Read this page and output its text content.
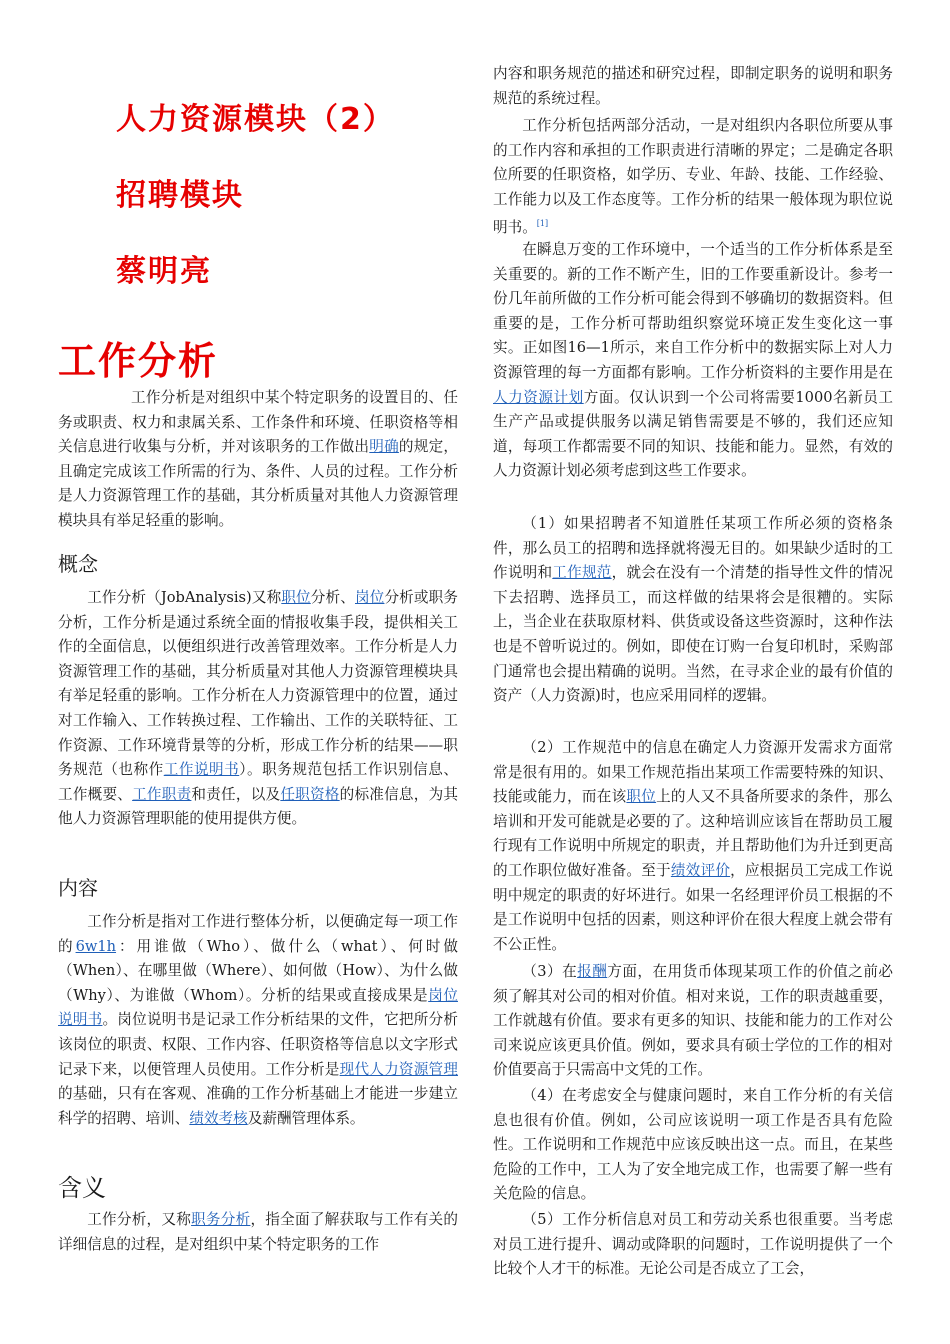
人力资源模块（2）
招聘模块
蔡明亮
工作分析
工作分析是对组织中某个特定职务的设置目的、任务或职责、权力和隶属关系、工作条件和环境、任职资格等相关信息进行收集与分析，并对该职务的工作做出明确的规定，且确定完成该工作所需的行为、条件、人员的过程。工作分析是人力资源管理工作的基础，其分析质量对其他人力资源管理模块具有举足轻重的影响。
概念
工作分析（JobAnalysis)又称职位分析、岗位分析或职务分析，工作分析是通过系统全面的情报收集手段，提供相关工作的全面信息，以便组织进行改善管理效率。工作分析是人力资源管理工作的基础，其分析质量对其他人力资源管理模块具有举足轻重的影响。工作分析在人力资源管理中的位置，通过对工作输入、工作转换过程、工作输出、工作的关联特征、工作资源、工作环境背景等的分析，形成工作分析的结果——职务规范（也称作工作说明书）。职务规范包括工作识别信息、工作概要、工作职责和责任，以及任职资格的标准信息，为其他人力资源管理职能的使用提供方便。
内容
工作分析是指对工作进行整体分析，以便确定每一项工作的6w1h：用谁做（Who）、做什么（what）、何时做（When）、在哪里做（Where）、如何做（How）、为什么做（Why）、为谁做（Whom）。分析的结果或直接成果是岗位说明书。岗位说明书是记录工作分析结果的文件，它把所分析该岗位的职责、权限、工作内容、任职资格等信息以文字形式记录下来，以便管理人员使用。工作分析是现代人力资源管理的基础，只有在客观、准确的工作分析基础上才能进一步建立科学的招聘、培训、绩效考核及薪酬管理体系。
含义
工作分析，又称职务分析，指全面了解获取与工作有关的详细信息的过程，是对组织中某个特定职务的工作
内容和职务规范的描述和研究过程，即制定职务的说明和职务规范的系统过程。
工作分析包括两部分活动，一是对组织内各职位所要从事的工作内容和承担的工作职责进行清晰的界定；二是确定各职位所要的任职资格，如学历、专业、年龄、技能、工作经验、工作能力以及工作态度等。工作分析的结果一般体现为职位说明书。[1]
在瞬息万变的工作环境中，一个适当的工作分析体系是至关重要的。新的工作不断产生，旧的工作要重新设计。参考一份几年前所做的工作分析可能会得到不够确切的数据资料。但重要的是，工作分析可帮助组织察觉环境正发生变化这一事实。正如图16—1所示，来自工作分析中的数据实际上对人力资源管理的每一方面都有影响。工作分析资料的主要作用是在人力资源计划方面。仅认识到一个公司将需要1000名新员工生产产品或提供服务以满足销售需要是不够的，我们还应知道，每项工作都需要不同的知识、技能和能力。显然，有效的人力资源计划必须考虑到这些工作要求。
（1）如果招聘者不知道胜任某项工作所必须的资格条件，那么员工的招聘和选择就将漫无目的。如果缺少适时的工作说明和工作规范，就会在没有一个清楚的指导性文件的情况下去招聘、选择员工，而这样做的结果将会是很糟的。实际上，当企业在获取原材料、供货或设备这些资源时，这种作法也是不曾听说过的。例如，即使在订购一台复印机时，采购部门通常也会提出精确的说明。当然，在寻求企业的最有价值的资产（人力资源)时，也应采用同样的逻辑。
（2）工作规范中的信息在确定人力资源开发需求方面常常是很有用的。如果工作规范指出某项工作需要特殊的知识、技能或能力，而在该职位上的人又不具备所要求的条件，那么培训和开发可能就是必要的了。这种培训应该旨在帮助员工履行现有工作说明中所规定的职责，并且帮助他们为升迁到更高的工作职位做好准备。至于绩效评价，应根据员工完成工作说明中规定的职责的好坏进行。如果一名经理评价员工根据的不是工作说明中包括的因素，则这种评价在很大程度上就会带有不公正性。
（3）在报酬方面，在用货币体现某项工作的价值之前必须了解其对公司的相对价值。相对来说，工作的职责越重要，工作就越有价值。要求有更多的知识、技能和能力的工作对公司来说应该更具价值。例如，要求具有硕士学位的工作的相对价值要高于只需高中文凭的工作。
（4）在考虑安全与健康问题时，来自工作分析的有关信息也很有价值。例如，公司应该说明一项工作是否具有危险性。工作说明和工作规范中应该反映出这一点。而且，在某些危险的工作中，工人为了安全地完成工作，也需要了解一些有关危险的信息。
（5）工作分析信息对员工和劳动关系也很重要。当考虑对员工进行提升、调动或降职的问题时，工作说明提供了一个比较个人才干的标准。无论公司是否成立了工会，
